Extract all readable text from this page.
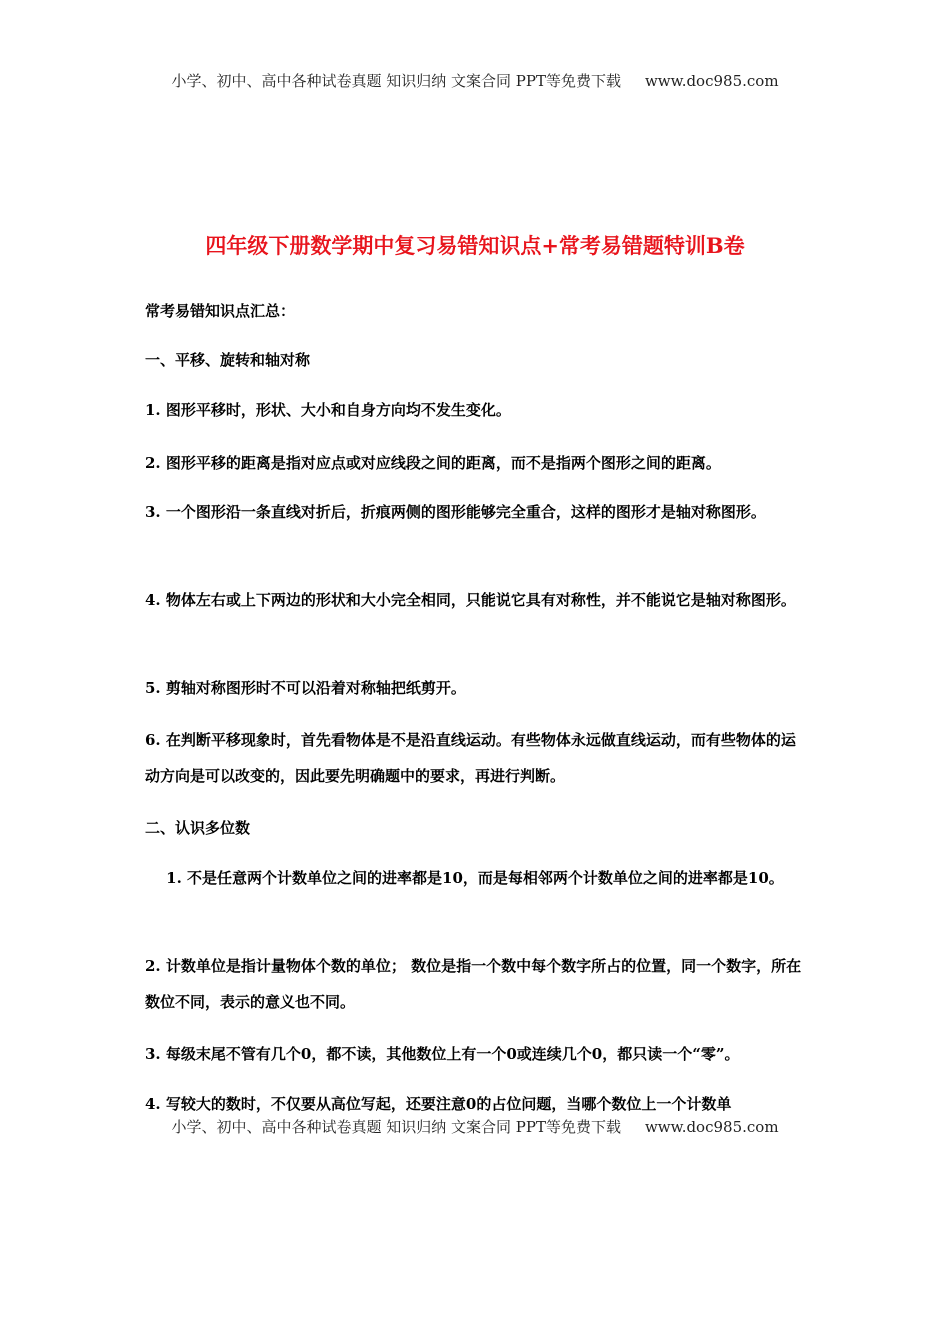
小学、初中、高中各种试卷真题 知识归纳 文案合同 PPT等免费下载 www.doc985.com
四年级下册数学期中复习易错知识点+常考易错题特训B卷
常考易错知识点汇总：
一、平移、旋转和轴对称
1. 图形平移时，形状、大小和自身方向均不发生变化。
2. 图形平移的距离是指对应点或对应线段之间的距离，而不是指两个图形之间的距离。
3. 一个图形沿一条直线对折后，折痕两侧的图形能够完全重合，这样的图形才是轴对称图形。
4. 物体左右或上下两边的形状和大小完全相同，只能说它具有对称性，并不能说它是轴对称图形。
5. 剪轴对称图形时不可以沿着对称轴把纸剪开。
6. 在判断平移现象时，首先看物体是不是沿直线运动。有些物体永远做直线运动，而有些物体的运动方向是可以改变的，因此要先明确题中的要求，再进行判断。
二、认识多位数
1. 不是任意两个计数单位之间的进率都是10，而是每相邻两个计数单位之间的进率都是10。
2. 计数单位是指计量物体个数的单位； 数位是指一个数中每个数字所占的位置，同一个数字，所在数位不同，表示的意义也不同。
3. 每级末尾不管有几个0，都不读，其他数位上有一个0或连续几个0，都只读一个“零”。
4. 写较大的数时，不仅要从高位写起，还要注意0的占位问题，当哪个数位上一个计数单
小学、初中、高中各种试卷真题 知识归纳 文案合同 PPT等免费下载 www.doc985.com
